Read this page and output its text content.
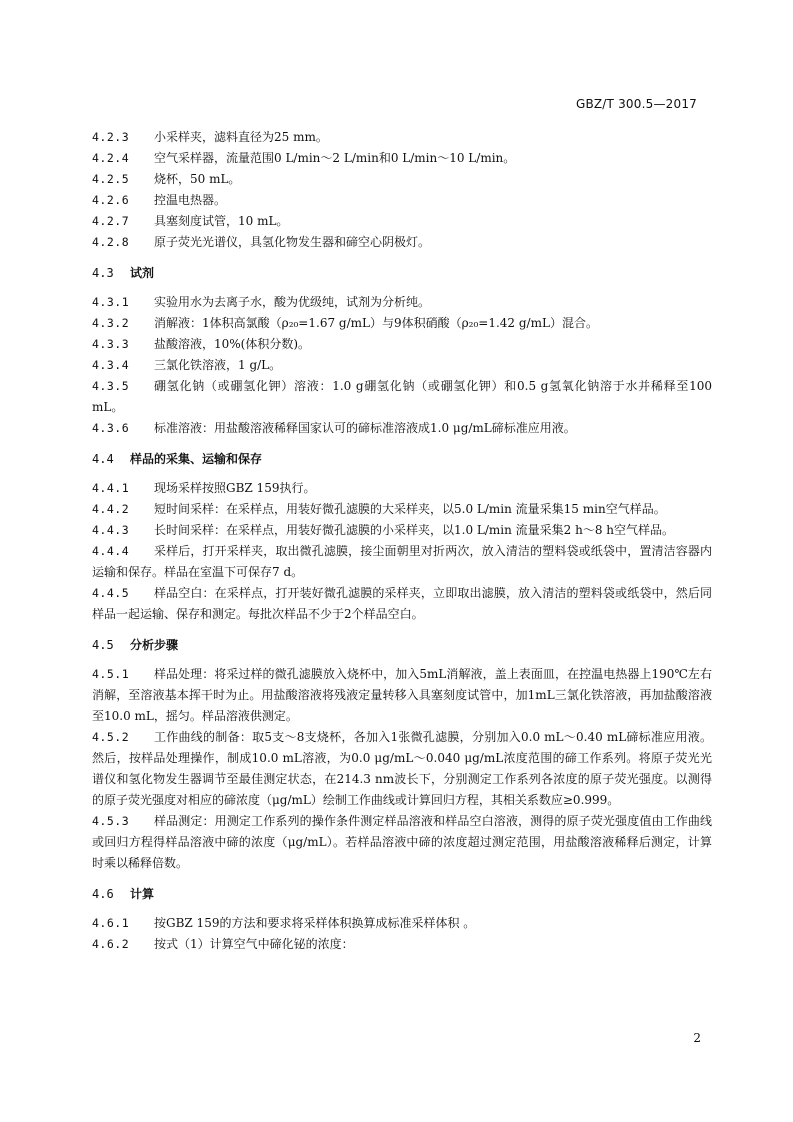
GBZ/T 300.5—2017
4.2.3	小采样夹，滤料直径为25 mm。
4.2.4	空气采样器，流量范围0 L/min～2 L/min和0 L/min～10 L/min。
4.2.5	烧杯，50 mL。
4.2.6	控温电热器。
4.2.7	具塞刻度试管，10 mL。
4.2.8	原子荧光光谱仪，具氢化物发生器和碲空心阴极灯。
4.3 试剂
4.3.1	实验用水为去离子水，酸为优级纯，试剂为分析纯。
4.3.2	消解液：1体积高氯酸（ρ₂₀=1.67 g/mL）与9体积硝酸（ρ₂₀=1.42 g/mL）混合。
4.3.3	盐酸溶液，10%(体积分数)。
4.3.4	三氯化铁溶液，1 g/L。
4.3.5	硼氢化钠（或硼氢化钾）溶液：1.0 g硼氢化钠（或硼氢化钾）和0.5 g氢氧化钠溶于水并稀释至100 mL。
4.3.6	标准溶液：用盐酸溶液稀释国家认可的碲标准溶液成1.0 μg/mL碲标准应用液。
4.4 样品的采集、运输和保存
4.4.1	现场采样按照GBZ 159执行。
4.4.2	短时间采样：在采样点，用装好微孔滤膜的大采样夹，以5.0 L/min 流量采集15 min空气样品。
4.4.3	长时间采样：在采样点，用装好微孔滤膜的小采样夹，以1.0 L/min 流量采集2 h～8 h空气样品。
4.4.4	采样后，打开采样夹，取出微孔滤膜，接尘面朝里对折两次，放入清洁的塑料袋或纸袋中，置清洁容器内运输和保存。样品在室温下可保存7 d。
4.4.5	样品空白：在采样点，打开装好微孔滤膜的采样夹，立即取出滤膜，放入清洁的塑料袋或纸袋中，然后同样品一起运输、保存和测定。每批次样品不少于2个样品空白。
4.5 分析步骤
4.5.1	样品处理：将采过样的微孔滤膜放入烧杯中，加入5mL消解液，盖上表面皿，在控温电热器上190℃左右消解，至溶液基本挥干时为止。用盐酸溶液将残液定量转移入具塞刻度试管中，加1mL三氯化铁溶液，再加盐酸溶液至10.0 mL，摇匀。样品溶液供测定。
4.5.2	工作曲线的制备：取5支～8支烧杯，各加入1张微孔滤膜，分别加入0.0 mL～0.40 mL碲标准应用液。然后，按样品处理操作，制成10.0 mL溶液，为0.0 μg/mL～0.040 μg/mL浓度范围的碲工作系列。将原子荧光光谱仪和氢化物发生器调节至最佳测定状态，在214.3 nm波长下，分别测定工作系列各浓度的原子荧光强度。以测得的原子荧光强度对相应的碲浓度（μg/mL）绘制工作曲线或计算回归方程，其相关系数应≥0.999。
4.5.3	样品测定：用测定工作系列的操作条件测定样品溶液和样品空白溶液，测得的原子荧光强度值由工作曲线或回归方程得样品溶液中碲的浓度（μg/mL）。若样品溶液中碲的浓度超过测定范围，用盐酸溶液稀释后测定，计算时乘以稀释倍数。
4.6 计算
4.6.1	按GBZ 159的方法和要求将采样体积换算成标准采样体积 。
4.6.2	按式（1）计算空气中碲化铋的浓度：
2
